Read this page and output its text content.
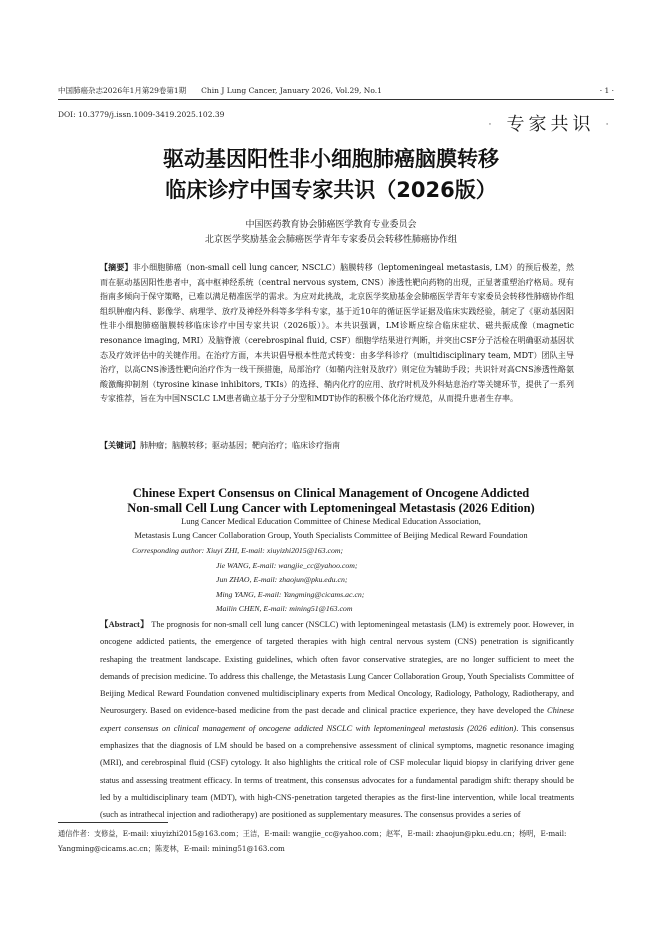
中国肺癌杂志2026年1月第29卷第1期　　Chin J Lung Cancer, January 2026, Vol.29, No.1	· 1 ·
DOI: 10.3779/j.issn.1009-3419.2025.102.39	· 专家共识 ·
驱动基因阳性非小细胞肺癌脑膜转移
临床诊疗中国专家共识（2026版）
中国医药教育协会肺癌医学教育专业委员会
北京医学奖励基金会肺癌医学青年专家委员会转移性肺癌协作组
【摘要】非小细胞肺癌（non-small cell lung cancer, NSCLC）脑膜转移（leptomeningeal metastasis, LM）的预后极差，然而在驱动基因阳性患者中，高中枢神经系统（central nervous system, CNS）渗透性靶向药物的出现，正显著重塑治疗格局。现有指南多倾向于保守策略，已难以满足精准医学的需求。为应对此挑战，北京医学奖励基金会肺癌医学青年专家委员会转移性肺癌协作组组织肿瘤内科、影像学、病理学、放疗及神经外科等多学科专家，基于近10年的循证医学证据及临床实践经验，制定了《驱动基因阳性非小细胞肺癌脑膜转移临床诊疗中国专家共识（2026版）》。本共识强调，LM诊断应综合临床症状、磁共振成像（magnetic resonance imaging, MRI）及脑脊液（cerebrospinal fluid, CSF）细胞学结果进行判断，并突出CSF分子活检在明确驱动基因状态及疗效评估中的关键作用。在治疗方面，本共识倡导根本性范式转变：由多学科诊疗（multidisciplinary team, MDT）团队主导治疗，以高CNS渗透性靶向治疗作为一线干预措施，局部治疗（如鞘内注射及放疗）则定位为辅助手段；共识针对高CNS渗透性酪氨酸激酶抑制剂（tyrosine kinase inhibitors, TKIs）的选择、鞘内化疗的应用、放疗时机及外科姑息治疗等关键环节，提供了一系列专家推荐，旨在为中国NSCLC LM患者确立基于分子分型和MDT协作的积极个体化治疗规范，从而提升患者生存率。
【关键词】肺肿瘤；脑膜转移；驱动基因；靶向治疗；临床诊疗指南
Chinese Expert Consensus on Clinical Management of Oncogene Addicted
Non-small Cell Lung Cancer with Leptomeningeal Metastasis (2026 Edition)
Lung Cancer Medical Education Committee of Chinese Medical Education Association,
Metastasis Lung Cancer Collaboration Group, Youth Specialists Committee of Beijing Medical Reward Foundation
Corresponding author: Xiuyi ZHI, E-mail: xiuyizhi2015@163.com;
Jie WANG, E-mail: wangjie_cc@yahoo.com;
Jun ZHAO, E-mail: zhaojun@pku.edu.cn;
Ming YANG, E-mail: Yangming@cicams.ac.cn;
Mailin CHEN, E-mail: mining51@163.com
【Abstract】 The prognosis for non-small cell lung cancer (NSCLC) with leptomeningeal metastasis (LM) is extremely poor. However, in oncogene addicted patients, the emergence of targeted therapies with high central nervous system (CNS) penetration is significantly reshaping the treatment landscape. Existing guidelines, which often favor conservative strategies, are no longer sufficient to meet the demands of precision medicine. To address this challenge, the Metastasis Lung Cancer Collaboration Group, Youth Specialists Committee of Beijing Medical Reward Foundation convened multidisciplinary experts from Medical Oncology, Radiology, Pathology, Radiotherapy, and Neurosurgery. Based on evidence-based medicine from the past decade and clinical practice experience, they have developed the Chinese expert consensus on clinical management of oncogene addicted NSCLC with leptomeningeal metastasis (2026 edition). This consensus emphasizes that the diagnosis of LM should be based on a comprehensive assessment of clinical symptoms, magnetic resonance imaging (MRI), and cerebrospinal fluid (CSF) cytology. It also highlights the critical role of CSF molecular liquid biopsy in clarifying driver gene status and assessing treatment efficacy. In terms of treatment, this consensus advocates for a fundamental paradigm shift: therapy should be led by a multidisciplinary team (MDT), with high-CNS-penetration targeted therapies as the first-line intervention, while local treatments (such as intrathecal injection and radiotherapy) are positioned as supplementary measures. The consensus provides a series of
通信作者：支修益，E-mail: xiuyizhi2015@163.com；王洁，E-mail: wangjie_cc@yahoo.com；赵军，E-mail: zhaojun@pku.edu.cn；杨明，E-mail: Yangming@cicams.ac.cn；陈麦林，E-mail: mining51@163.com
